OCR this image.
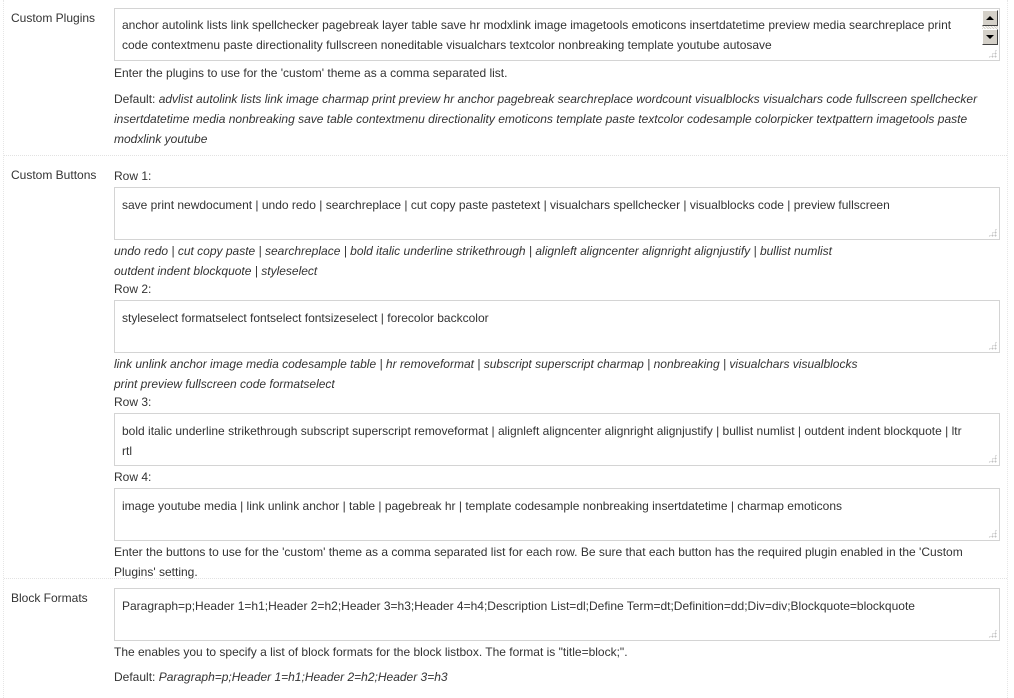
Custom Plugins	anchor autolink lists link spellchecker pagebreak layer table save hr modxlink image imagetools emoticons insertdatetime preview media searchreplace print code contextmenu paste directionality fullscreen noneditable visualchars textcolor nonbreaking template youtube autosave
Enter the plugins to use for the 'custom' theme as a comma separated list.
Default: advlist autolink lists link image charmap print preview hr anchor pagebreak searchreplace wordcount visualblocks visualchars code fullscreen spellchecker insertdatetime media nonbreaking save table contextmenu directionality emoticons template paste textcolor codesample colorpicker textpattern imagetools paste modxlink youtube
Custom Buttons	Row 1:
save print newdocument | undo redo | searchreplace | cut copy paste pastetext | visualchars spellchecker | visualblocks code | preview fullscreen
undo redo | cut copy paste | searchreplace | bold italic underline strikethrough | alignleft aligncenter alignright alignjustify | bullist numlist outdent indent blockquote | styleselect
Row 2:
styleselect formatselect fontselect fontsizeselect | forecolor backcolor
link unlink anchor image media codesample table | hr removeformat | subscript superscript charmap | nonbreaking | visualchars visualblocks print preview fullscreen code formatselect
Row 3:
bold italic underline strikethrough subscript superscript removeformat | alignleft aligncenter alignright alignjustify | bullist numlist | outdent indent blockquote | ltr rtl
Row 4:
image youtube media | link unlink anchor | table | pagebreak hr | template codesample nonbreaking insertdatetime | charmap emoticons
Enter the buttons to use for the 'custom' theme as a comma separated list for each row. Be sure that each button has the required plugin enabled in the 'Custom Plugins' setting.
Block Formats
Paragraph=p;Header 1=h1;Header 2=h2;Header 3=h3;Header 4=h4;Description List=dl;Define Term=dt;Definition=dd;Div=div;Blockquote=blockquote
The enables you to specify a list of block formats for the block listbox. The format is "title=block;".
Default: Paragraph=p;Header 1=h1;Header 2=h2;Header 3=h3
